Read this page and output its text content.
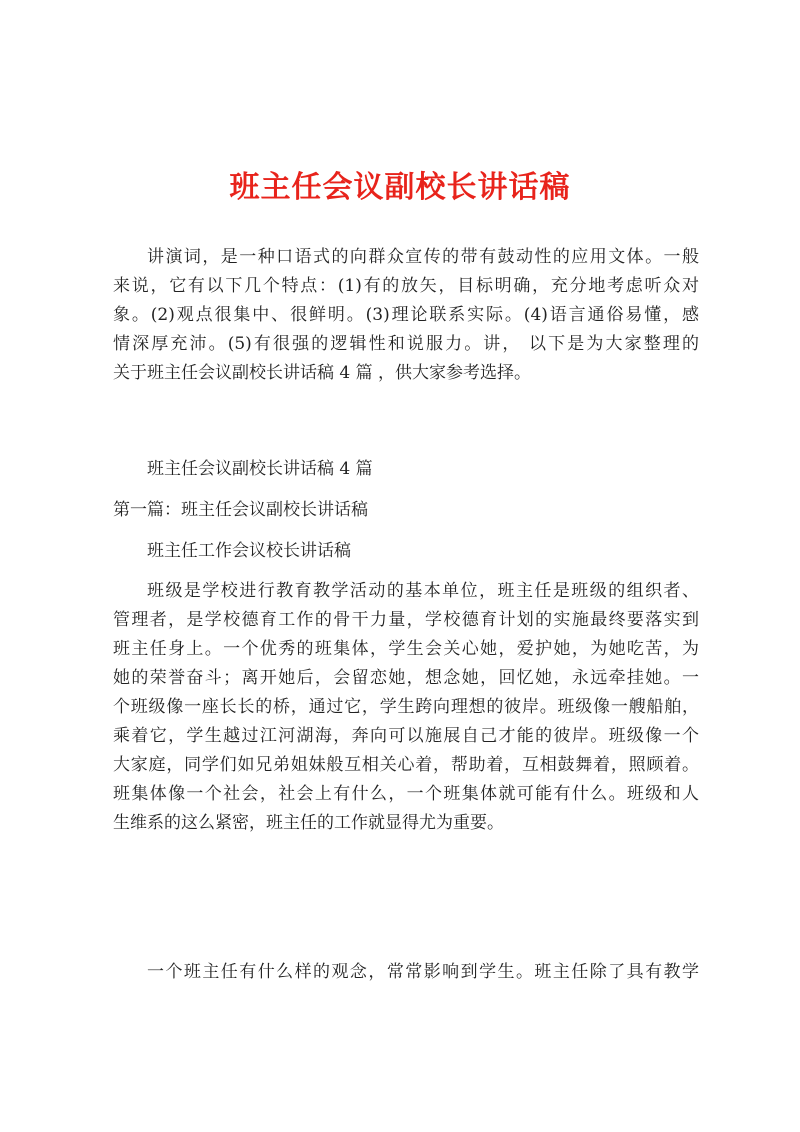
班主任会议副校长讲话稿
讲演词，是一种口语式的向群众宣传的带有鼓动性的应用文体。一般
来说，它有以下几个特点：(1)有的放矢，目标明确，充分地考虑听众对
象。(2)观点很集中、很鲜明。(3)理论联系实际。(4)语言通俗易懂，感
情深厚充沛。(5)有很强的逻辑性和说服力。讲， 以下是为大家整理的
关于班主任会议副校长讲话稿 4 篇 ，供大家参考选择。
班主任会议副校长讲话稿 4 篇
第一篇：班主任会议副校长讲话稿
班主任工作会议校长讲话稿
班级是学校进行教育教学活动的基本单位，班主任是班级的组织者、
管理者，是学校德育工作的骨干力量，学校德育计划的实施最终要落实到
班主任身上。一个优秀的班集体，学生会关心她，爱护她，为她吃苦，为
她的荣誉奋斗；离开她后，会留恋她，想念她，回忆她，永远牵挂她。一
个班级像一座长长的桥，通过它，学生跨向理想的彼岸。班级像一艘船舶，
乘着它，学生越过江河湖海，奔向可以施展自己才能的彼岸。班级像一个
大家庭，同学们如兄弟姐妹般互相关心着，帮助着，互相鼓舞着，照顾着。
班集体像一个社会，社会上有什么，一个班集体就可能有什么。班级和人
生维系的这么紧密，班主任的工作就显得尤为重要。
一个班主任有什么样的观念，常常影响到学生。班主任除了具有教学
